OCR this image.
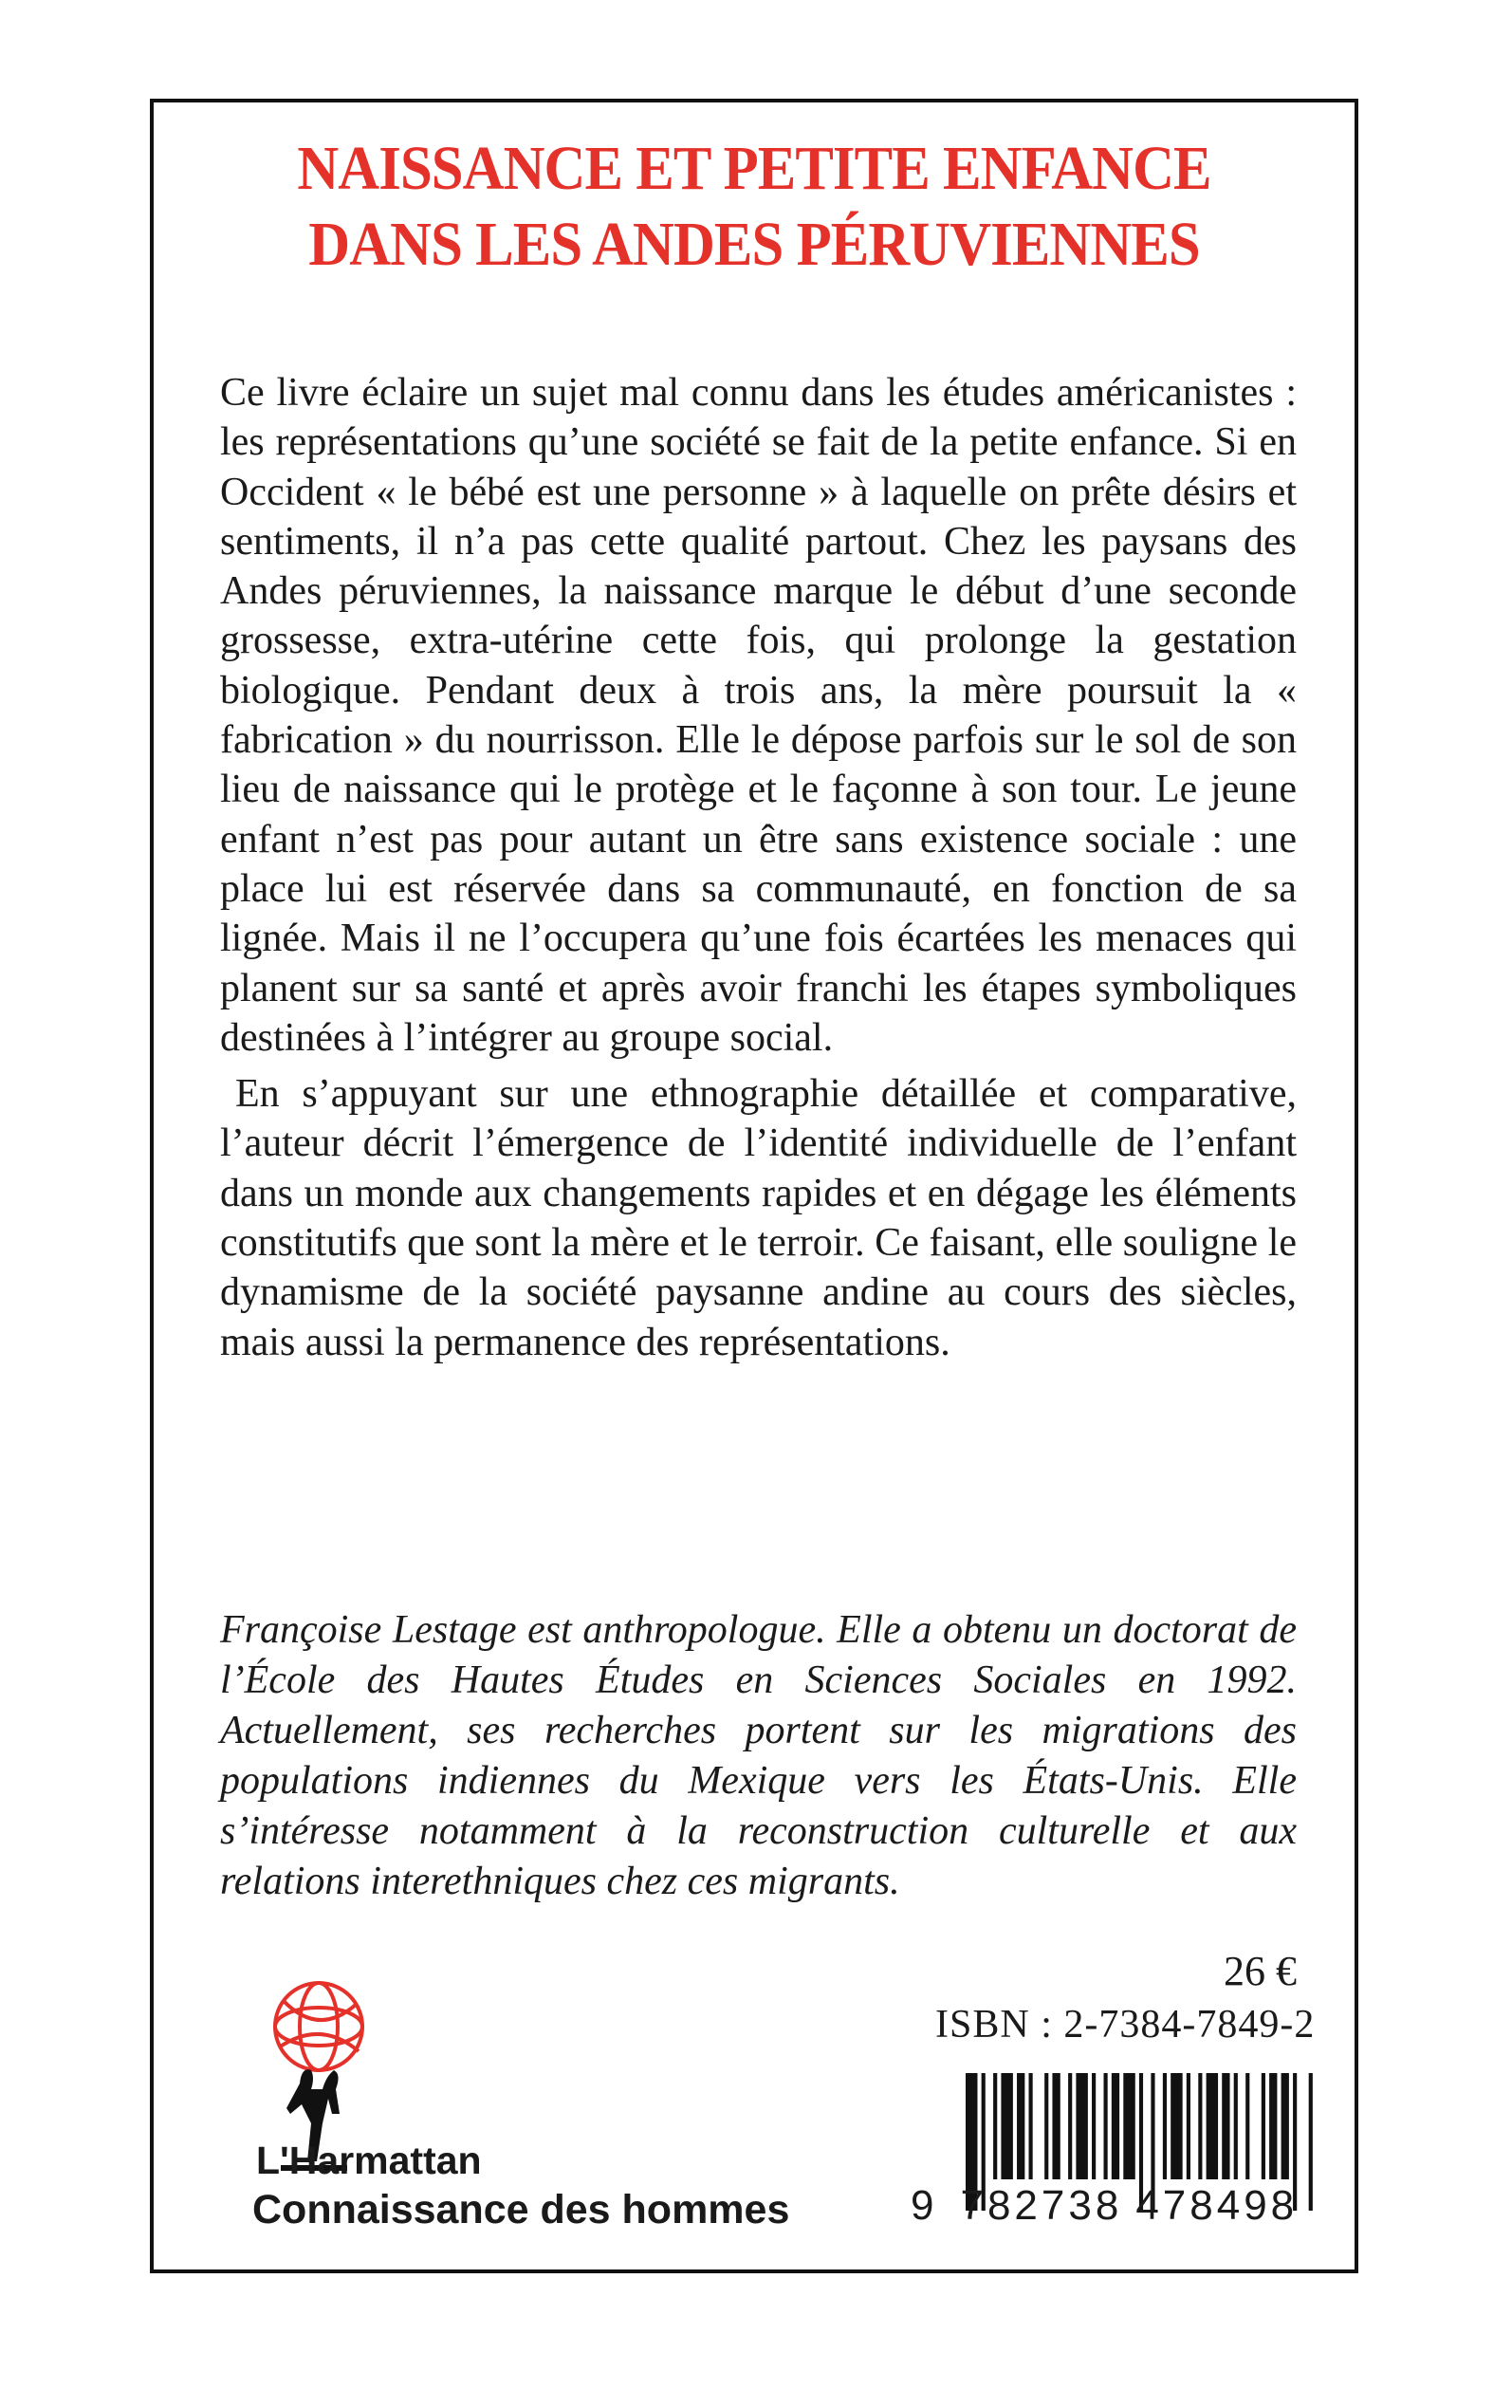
NAISSANCE ET PETITE ENFANCE
DANS LES ANDES PÉRUVIENNES

Ce livre éclaire un sujet mal connu dans les études américanistes : les représentations qu’une société se fait de la petite enfance. Si en Occident « le bébé est une personne » à laquelle on prête désirs et sentiments, il n’a pas cette qualité partout. Chez les paysans des Andes péruviennes, la naissance marque le début d’une seconde grossesse, extra-utérine cette fois, qui prolonge la gestation biologique. Pendant deux à trois ans, la mère poursuit la « fabrication » du nourrisson. Elle le dépose parfois sur le sol de son lieu de naissance qui le protège et le façonne à son tour. Le jeune enfant n’est pas pour autant un être sans existence sociale : une place lui est réservée dans sa communauté, en fonction de sa lignée. Mais il ne l’occupera qu’une fois écartées les menaces qui planent sur sa santé et après avoir franchi les étapes symboliques destinées à l’intégrer au groupe social.

En s’appuyant sur une ethnographie détaillée et comparative, l’auteur décrit l’émergence de l’identité individuelle de l’enfant dans un monde aux changements rapides et en dégage les éléments constitutifs que sont la mère et le terroir. Ce faisant, elle souligne le dynamisme de la société paysanne andine au cours des siècles, mais aussi la permanence des représentations.

Françoise Lestage est anthropologue. Elle a obtenu un doctorat de l’École des Hautes Études en Sciences Sociales en 1992. Actuellement, ses recherches portent sur les migrations des populations indiennes du Mexique vers les États-Unis. Elle s’intéresse notamment à la reconstruction culturelle et aux relations interethniques chez ces migrants.

26 €
ISBN : 2-7384-7849-2
L'Harmattan
Connaissance des hommes	9 782738 478498
